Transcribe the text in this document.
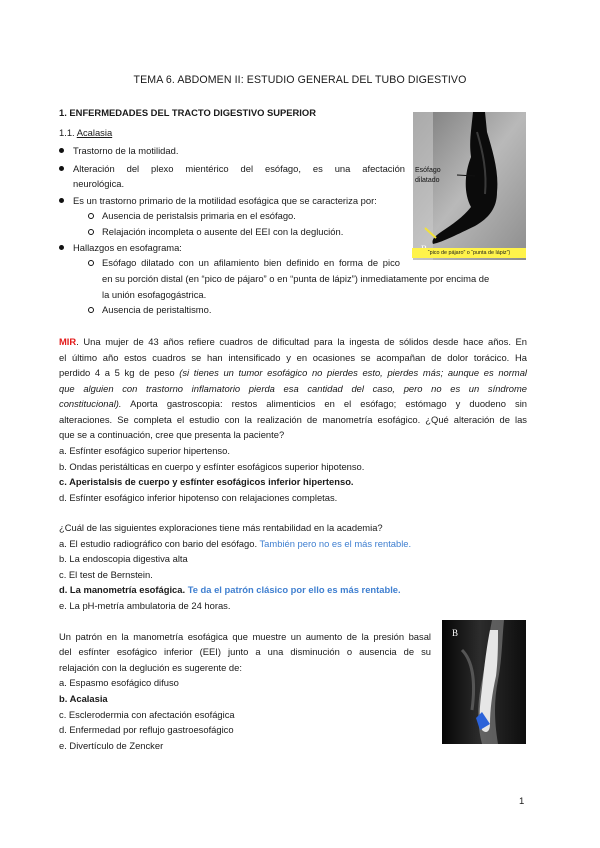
TEMA 6. ABDOMEN II: ESTUDIO GENERAL DEL TUBO DIGESTIVO
1. ENFERMEDADES DEL TRACTO DIGESTIVO SUPERIOR
1.1. Acalasia
Trastorno de la motilidad.
Alteración del plexo mientérico del esófago, es una afectación
neurológica.
Es un trastorno primario de la motilidad esofágica que se caracteriza por:
Ausencia de peristalsis primaria en el esófago.
Relajación incompleta o ausente del EEI con la deglución.
Hallazgos en esofagrama:
Esófago dilatado con un afilamiento bien definido en forma de pico
en su porción distal (en “pico de pájaro” o en “punta de lápiz”) inmediatamente por encima de
la unión esofagogástrica.
Ausencia de peristaltismo.
Esófago
dilatado
“pico de pájaro” o “punta de lápiz”)
MIR. Una mujer de 43 años refiere cuadros de dificultad para la ingesta de sólidos desde hace años. En
el último año estos cuadros se han intensificado y en ocasiones se acompañan de dolor torácico. Ha
perdido 4 a 5 kg de peso (si tienes un tumor esofágico no pierdes esto, pierdes más; aunque es normal
que alguien con trastorno inflamatorio pierda esa cantidad del caso, pero no es un síndrome
constitucional). Aporta gastroscopia: restos alimenticios en el esófago; estómago y duodeno sin
alteraciones. Se completa el estudio con la realización de manometría esofágico. ¿Qué alteración de las
que se a continuación, cree que presenta la paciente?
a. Esfínter esofágico superior hipertenso.
b. Ondas peristálticas en cuerpo y esfínter esofágicos superior hipotenso.
c. Aperistalsis de cuerpo y esfínter esofágicos inferior hipertenso.
d. Esfínter esofágico inferior hipotenso con relajaciones completas.
¿Cuál de las siguientes exploraciones tiene más rentabilidad en la academia?
a. El estudio radiográfico con bario del esófago. También pero no es el más rentable.
b. La endoscopia digestiva alta
c. El test de Bernstein.
d. La manometría esofágica. Te da el patrón clásico por ello es más rentable.
e. La pH-metría ambulatoria de 24 horas.
Un patrón en la manometría esofágica que muestre un aumento de la presión basal
del esfínter esofágico inferior (EEI) junto a una disminución o ausencia de su
relajación con la deglución es sugerente de:
a. Espasmo esofágico difuso
b. Acalasia
c. Esclerodermia con afectación esofágica
d. Enfermedad por reflujo gastroesofágico
e. Divertículo de Zencker
B
1
